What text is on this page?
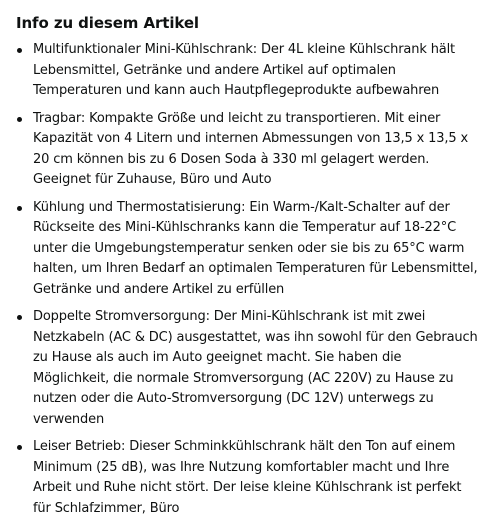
Info zu diesem Artikel
Multifunktionaler Mini-Kühlschrank: Der 4L kleine Kühlschrank hält Lebensmittel, Getränke und andere Artikel auf optimalen Temperaturen und kann auch Hautpflegeprodukte aufbewahren
Tragbar: Kompakte Größe und leicht zu transportieren. Mit einer Kapazität von 4 Litern und internen Abmessungen von 13,5 x 13,5 x 20 cm können bis zu 6 Dosen Soda à 330 ml gelagert werden. Geeignet für Zuhause, Büro und Auto
Kühlung und Thermostatisierung: Ein Warm-/Kalt-Schalter auf der Rückseite des Mini-Kühlschranks kann die Temperatur auf 18-22°C unter die Umgebungstemperatur senken oder sie bis zu 65°C warm halten, um Ihren Bedarf an optimalen Temperaturen für Lebensmittel, Getränke und andere Artikel zu erfüllen
Doppelte Stromversorgung: Der Mini-Kühlschrank ist mit zwei Netzkabeln (AC & DC) ausgestattet, was ihn sowohl für den Gebrauch zu Hause als auch im Auto geeignet macht. Sie haben die Möglichkeit, die normale Stromversorgung (AC 220V) zu Hause zu nutzen oder die Auto-Stromversorgung (DC 12V) unterwegs zu verwenden
Leiser Betrieb: Dieser Schminkkühlschrank hält den Ton auf einem Minimum (25 dB), was Ihre Nutzung komfortabler macht und Ihre Arbeit und Ruhe nicht stört. Der leise kleine Kühlschrank ist perfekt für Schlafzimmer, Büro
